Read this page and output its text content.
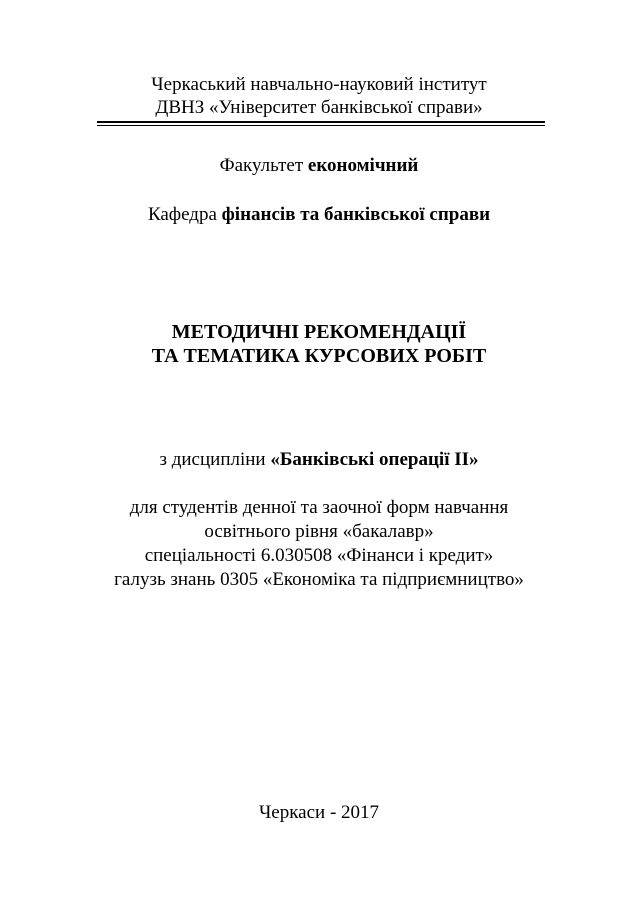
Черкаський навчально-науковий інститут
ДВНЗ «Університет банківської справи»
Факультет економічний
Кафедра фінансів та банківської справи
МЕТОДИЧНІ РЕКОМЕНДАЦІЇ
ТА ТЕМАТИКА КУРСОВИХ РОБІТ
з дисципліни «Банківські операції ІІ»
для студентів денної та заочної форм навчання
освітнього рівня «бакалавр»
спеціальності 6.030508 «Фінанси і кредит»
галузь знань 0305 «Економіка та підприємництво»
Черкаси - 2017
